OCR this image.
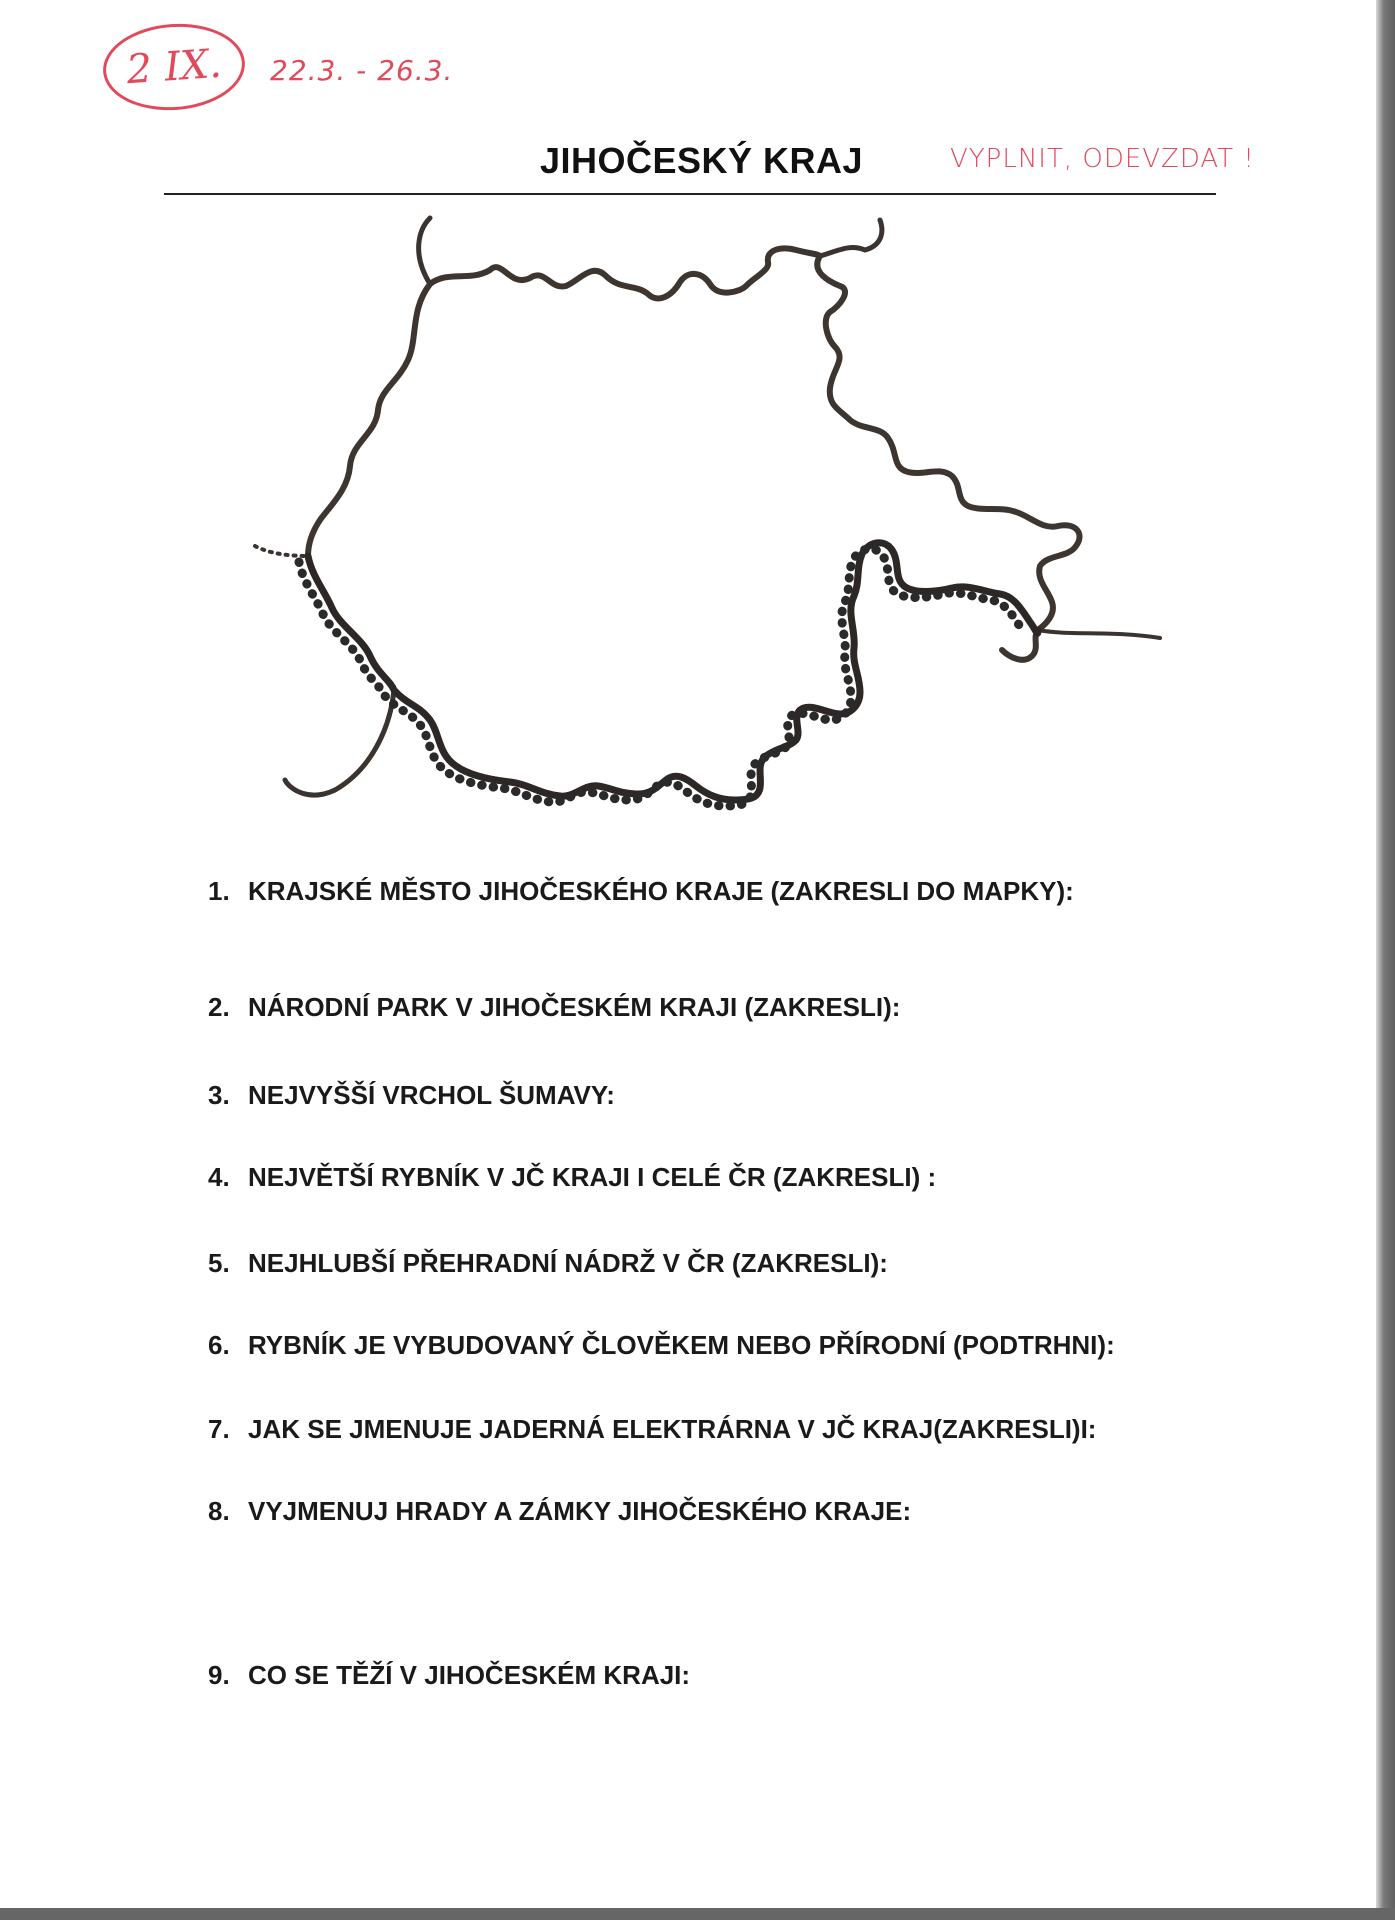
2 IX. 22.3. - 26.3.
VYPLNIT, ODEVZDAT !
JIHOČESKÝ KRAJ
1. KRAJSKÉ MĚSTO JIHOČESKÉHO KRAJE (ZAKRESLI DO MAPKY):
2. NÁRODNÍ PARK V JIHOČESKÉM KRAJI (ZAKRESLI):
3. NEJVYŠŠÍ VRCHOL ŠUMAVY:
4. NEJVĚTŠÍ RYBNÍK V JČ KRAJI I CELÉ ČR (ZAKRESLI) :
5. NEJHLUBŠÍ PŘEHRADNÍ NÁDRŽ V ČR (ZAKRESLI):
6. RYBNÍK JE VYBUDOVANÝ ČLOVĚKEM NEBO PŘÍRODNÍ (PODTRHNI):
7. JAK SE JMENUJE JADERNÁ ELEKTRÁRNA V JČ KRAJ(ZAKRESLI)I:
8. VYJMENUJ HRADY A ZÁMKY JIHOČESKÉHO KRAJE:
9. CO SE TĚŽÍ V JIHOČESKÉM KRAJI:
